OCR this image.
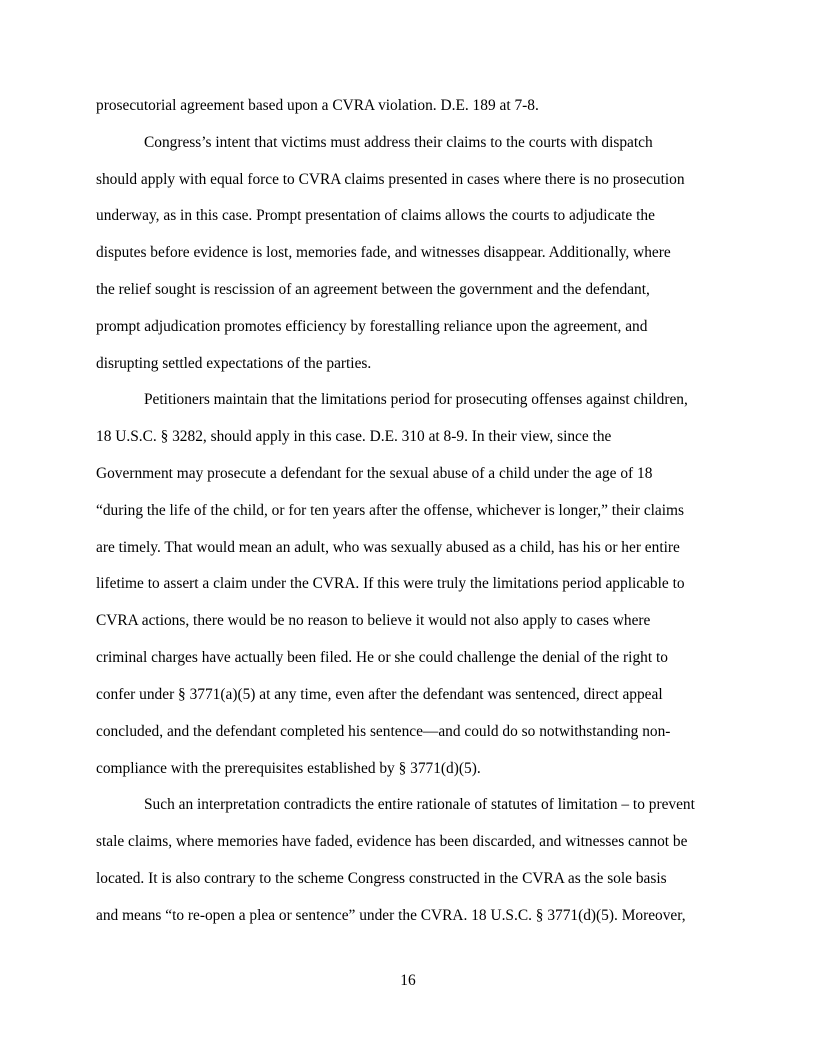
prosecutorial agreement based upon a CVRA violation. D.E. 189 at 7-8.
Congress’s intent that victims must address their claims to the courts with dispatch
should apply with equal force to CVRA claims presented in cases where there is no prosecution
underway, as in this case. Prompt presentation of claims allows the courts to adjudicate the
disputes before evidence is lost, memories fade, and witnesses disappear. Additionally, where
the relief sought is rescission of an agreement between the government and the defendant,
prompt adjudication promotes efficiency by forestalling reliance upon the agreement, and
disrupting settled expectations of the parties.
Petitioners maintain that the limitations period for prosecuting offenses against children,
18 U.S.C. § 3282, should apply in this case. D.E. 310 at 8-9. In their view, since the
Government may prosecute a defendant for the sexual abuse of a child under the age of 18
“during the life of the child, or for ten years after the offense, whichever is longer,” their claims
are timely. That would mean an adult, who was sexually abused as a child, has his or her entire
lifetime to assert a claim under the CVRA. If this were truly the limitations period applicable to
CVRA actions, there would be no reason to believe it would not also apply to cases where
criminal charges have actually been filed. He or she could challenge the denial of the right to
confer under § 3771(a)(5) at any time, even after the defendant was sentenced, direct appeal
concluded, and the defendant completed his sentence—and could do so notwithstanding non-
compliance with the prerequisites established by § 3771(d)(5).
Such an interpretation contradicts the entire rationale of statutes of limitation – to prevent
stale claims, where memories have faded, evidence has been discarded, and witnesses cannot be
located. It is also contrary to the scheme Congress constructed in the CVRA as the sole basis
and means “to re-open a plea or sentence” under the CVRA. 18 U.S.C. § 3771(d)(5). Moreover,
16
